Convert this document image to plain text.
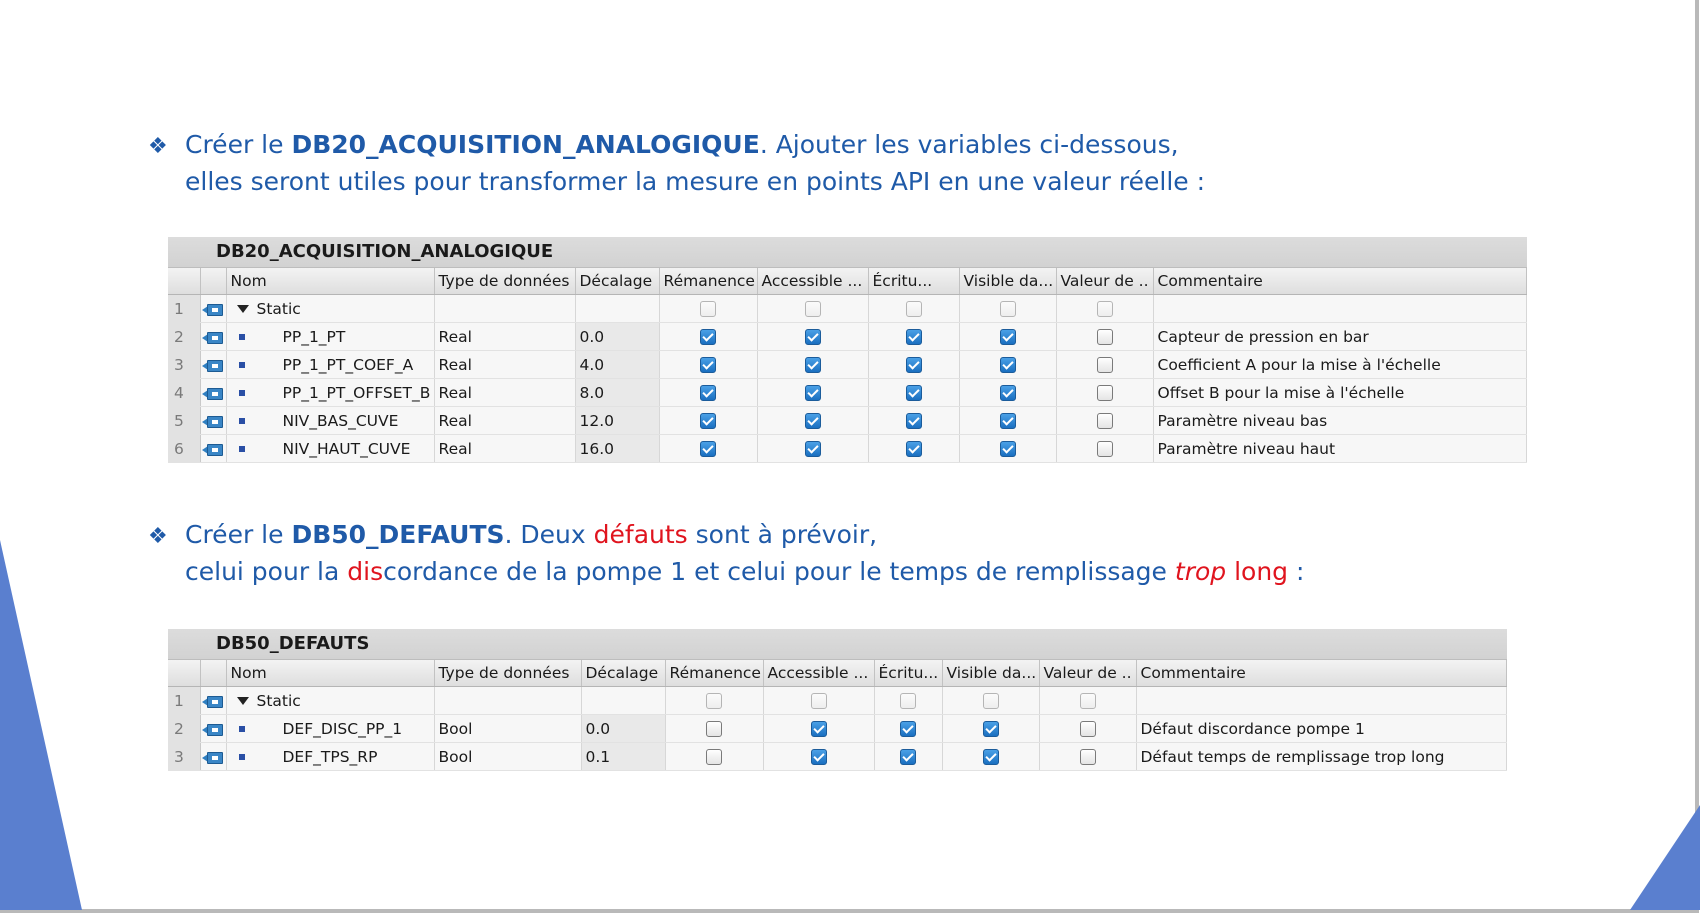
❖ Créer le DB20_ACQUISITION_ANALOGIQUE. Ajouter les variables ci-dessous,
elles seront utiles pour transformer la mesure en points API en une valeur réelle :
DB20_ACQUISITION_ANALOGIQUE
		Nom	Type de données	Décalage	Rémanence	Accessible ...	Écritu...	Visible da...	Valeur de ..	Commentaire
1		Static								
2		PP_1_PT	Real	0.0						Capteur de pression en bar
3		PP_1_PT_COEF_A	Real	4.0						Coefficient A pour la mise à l'échelle
4		PP_1_PT_OFFSET_B	Real	8.0						Offset B pour la mise à l'échelle
5		NIV_BAS_CUVE	Real	12.0						Paramètre niveau bas
6		NIV_HAUT_CUVE	Real	16.0						Paramètre niveau haut
❖ Créer le DB50_DEFAUTS. Deux défauts sont à prévoir,
celui pour la discordance de la pompe 1 et celui pour le temps de remplissage trop long :
DB50_DEFAUTS
		Nom	Type de données	Décalage	Rémanence	Accessible ...	Écritu...	Visible da...	Valeur de ..	Commentaire
1		Static								
2		DEF_DISC_PP_1	Bool	0.0						Défaut discordance pompe 1
3		DEF_TPS_RP	Bool	0.1						Défaut temps de remplissage trop long
